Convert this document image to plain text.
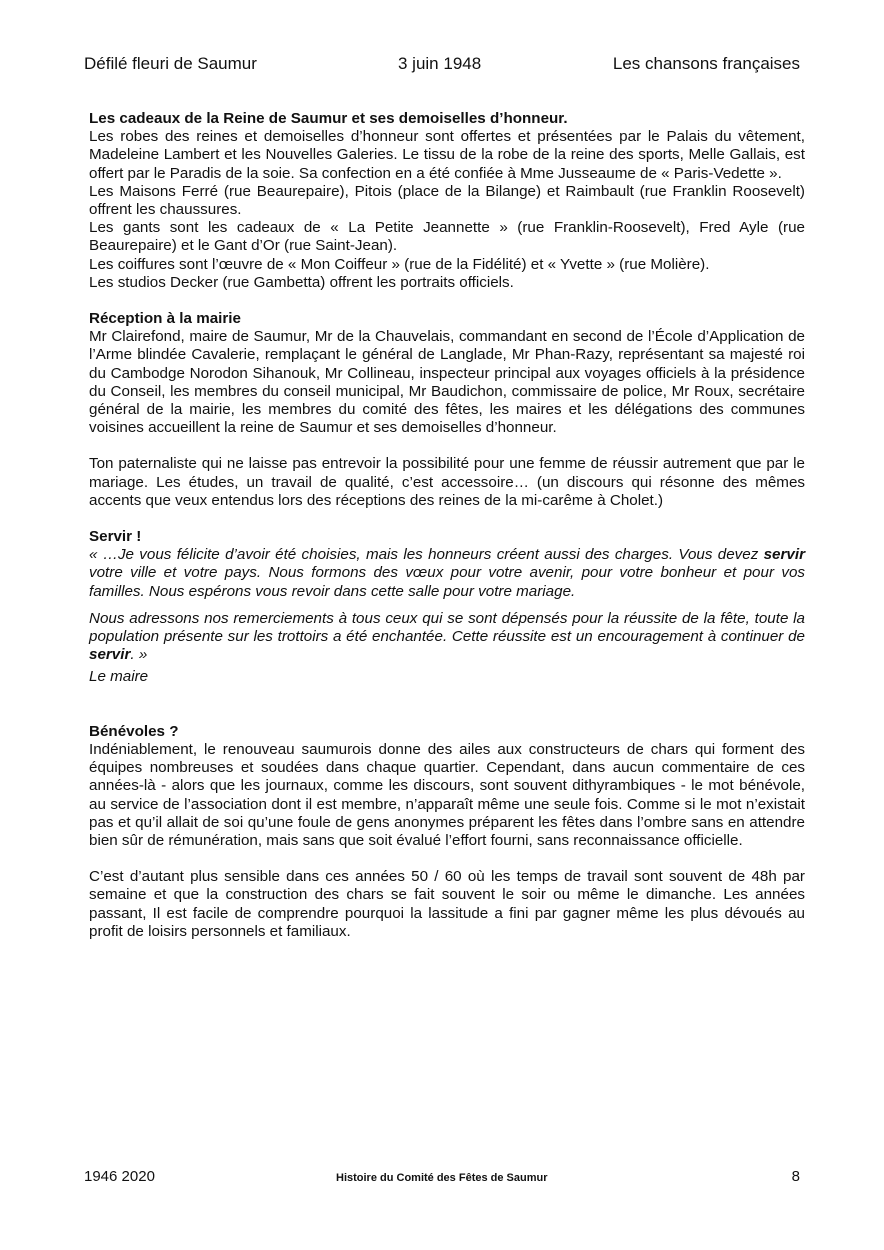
Défilé fleuri de Saumur	3 juin 1948	Les chansons françaises

Les cadeaux de la Reine de Saumur et ses demoiselles d’honneur.

Les robes des reines et demoiselles d’honneur sont offertes et présentées par le Palais du vêtement, Madeleine Lambert et les Nouvelles Galeries. Le tissu de la robe de la reine des sports, Melle Gallais, est offert par le Paradis de la soie. Sa confection en a été confiée à Mme Jusseaume de « Paris-Vedette ».

Les Maisons Ferré (rue Beaurepaire), Pitois (place de la Bilange) et Raimbault (rue Franklin Roosevelt) offrent les chaussures.

Les gants sont les cadeaux de « La Petite Jeannette » (rue Franklin-Roosevelt), Fred Ayle (rue Beaurepaire) et le Gant d’Or (rue Saint-Jean).

Les coiffures sont l’œuvre de « Mon Coiffeur » (rue de la Fidélité) et « Yvette » (rue Molière).

Les studios Decker (rue Gambetta) offrent les portraits officiels.

Réception à la mairie

Mr Clairefond, maire de Saumur, Mr de la Chauvelais, commandant en second de l’École d’Application de l’Arme blindée Cavalerie, remplaçant le général de Langlade, Mr Phan-Razy, représentant sa majesté roi du Cambodge Norodon Sihanouk, Mr Collineau, inspecteur principal aux voyages officiels à la présidence du Conseil, les membres du conseil municipal, Mr Baudichon, commissaire de police, Mr Roux, secrétaire général de la mairie, les membres du comité des fêtes, les maires et les délégations des communes voisines accueillent la reine de Saumur et ses demoiselles d’honneur.

Ton paternaliste qui ne laisse pas entrevoir la possibilité pour une femme de réussir autrement que par le mariage. Les études, un travail de qualité, c’est accessoire… (un discours qui résonne des mêmes accents que veux entendus lors des réceptions des reines de la mi-carême à Cholet.)

Servir !

« …Je vous félicite d’avoir été choisies, mais les honneurs créent aussi des charges. Vous devez servir votre ville et votre pays. Nous formons des vœux pour votre avenir, pour votre bonheur et pour vos familles. Nous espérons vous revoir dans cette salle pour votre mariage.

Nous adressons nos remerciements à tous ceux qui se sont dépensés pour la réussite de la fête, toute la population présente sur les trottoirs a été enchantée. Cette réussite est un encouragement à continuer de servir. »

Le maire

Bénévoles ?

Indéniablement, le renouveau saumurois donne des ailes aux constructeurs de chars qui forment des équipes nombreuses et soudées dans chaque quartier. Cependant, dans aucun commentaire de ces années-là - alors que les journaux, comme les discours, sont souvent dithyrambiques - le mot bénévole, au service de l’association dont il est membre, n’apparaît même une seule fois. Comme si le mot n’existait pas et qu’il allait de soi qu’une foule de gens anonymes préparent les fêtes dans l’ombre sans en attendre bien sûr de rémunération, mais sans que soit évalué l’effort fourni, sans reconnaissance officielle.

C’est d’autant plus sensible dans ces années 50 / 60 où les temps de travail sont souvent de 48h par semaine et que la construction des chars se fait souvent le soir ou même le dimanche. Les années passant, Il est facile de comprendre pourquoi la lassitude a fini par gagner même les plus dévoués au profit de loisirs personnels et familiaux.

1946 2020	Histoire du Comité des Fêtes de Saumur	8
